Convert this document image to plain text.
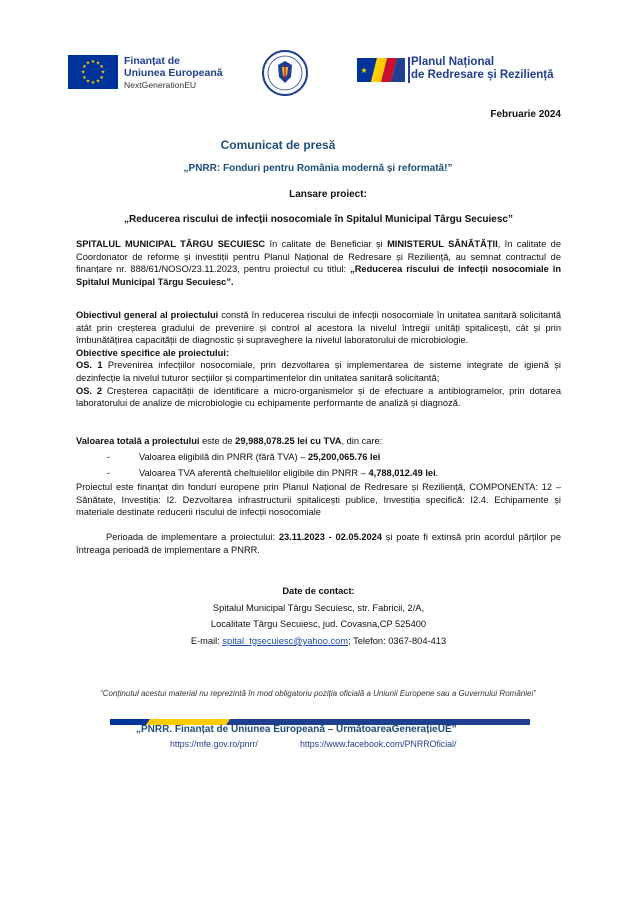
★ ★
★
★
★
★
★
★
★
★
★
★	Finanțat de
Uniunea Europeană
NextGenerationEU
★
Planul Național
de Redresare și Reziliență
Februarie 2024
Comunicat de presă
„PNRR: Fonduri pentru România modernă și reformată!”
Lansare proiect:
„Reducerea riscului de infecții nosocomiale în Spitalul Municipal Târgu Secuiesc”
SPITALUL MUNICIPAL TÂRGU SECUIESC în calitate de Beneficiar și MINISTERUL SĂNĂTĂȚII, în calitate de Coordonator de reforme și investiții pentru Planul Național de Redresare și Reziliență, au semnat contractul de finanțare nr. 888/61/NOSO/23.11.2023, pentru proiectul cu titlul: „Reducerea riscului de infecții nosocomiale în Spitalul Municipal Târgu Secuiesc”.
Obiectivul general al proiectului constă în reducerea riscului de infecții nosocomiale în unitatea sanitară solicitantă atât prin creșterea gradului de prevenire și control al acestora la nivelul întregii unități spitalicești, cât și prin îmbunătățirea capacității de diagnostic și supraveghere la nivelul laboratorului de microbiologie.
Obiective specifice ale proiectului:
OS. 1 Prevenirea infecțiilor nosocomiale, prin dezvoltarea și implementarea de sisteme integrate de igienă și dezinfecție la nivelul tuturor secțiilor și compartimentelor din unitatea sanitară solicitantă;
OS. 2 Creșterea capacității de identificare a micro-organismelor și de efectuare a antibiogramelor, prin dotarea laboratorului de analize de microbiologie cu echipamente performante de analiză și diagnoză.
Valoarea totală a proiectului este de 29,988,078.25 lei cu TVA, din care:
-	Valoarea eligibilă din PNRR (fără TVA) – 25,200,065.76 lei
-	Valoarea TVA aferentă cheltuielilor eligibile din PNRR – 4,788,012.49 lei.
Proiectul este finanțat din fonduri europene prin Planul Național de Redresare și Reziliență, COMPONENTA: 12 – Sănătate, Investiția: I2. Dezvoltarea infrastructurii spitalicești publice, Investiția specifică: I2.4. Echipamente și materiale destinate reducerii riscului de infecții nosocomiale
Perioada de implementare a proiectului: 23.11.2023 - 02.05.2024 și poate fi extinsă prin acordul părților pe întreaga perioadă de implementare a PNRR.
Date de contact:
Spitalul Municipal Târgu Secuiesc, str. Fabricii, 2/A,
Localitate Târgu Secuiesc, jud. Covasna,CP 525400
E-mail: spital_tgsecuiesc@yahoo.com; Telefon: 0367-804-413
“Conținutul acestui material nu reprezintă în mod obligatoriu poziția oficială a Uniunii Europene sau a Guvernului României”
„PNRR. Finanțat de Uniunea Europeană – UrmătoareaGenerațieUE”
https://mfe.gov.ro/pnrr/	https://www.facebook.com/PNRROficial/
